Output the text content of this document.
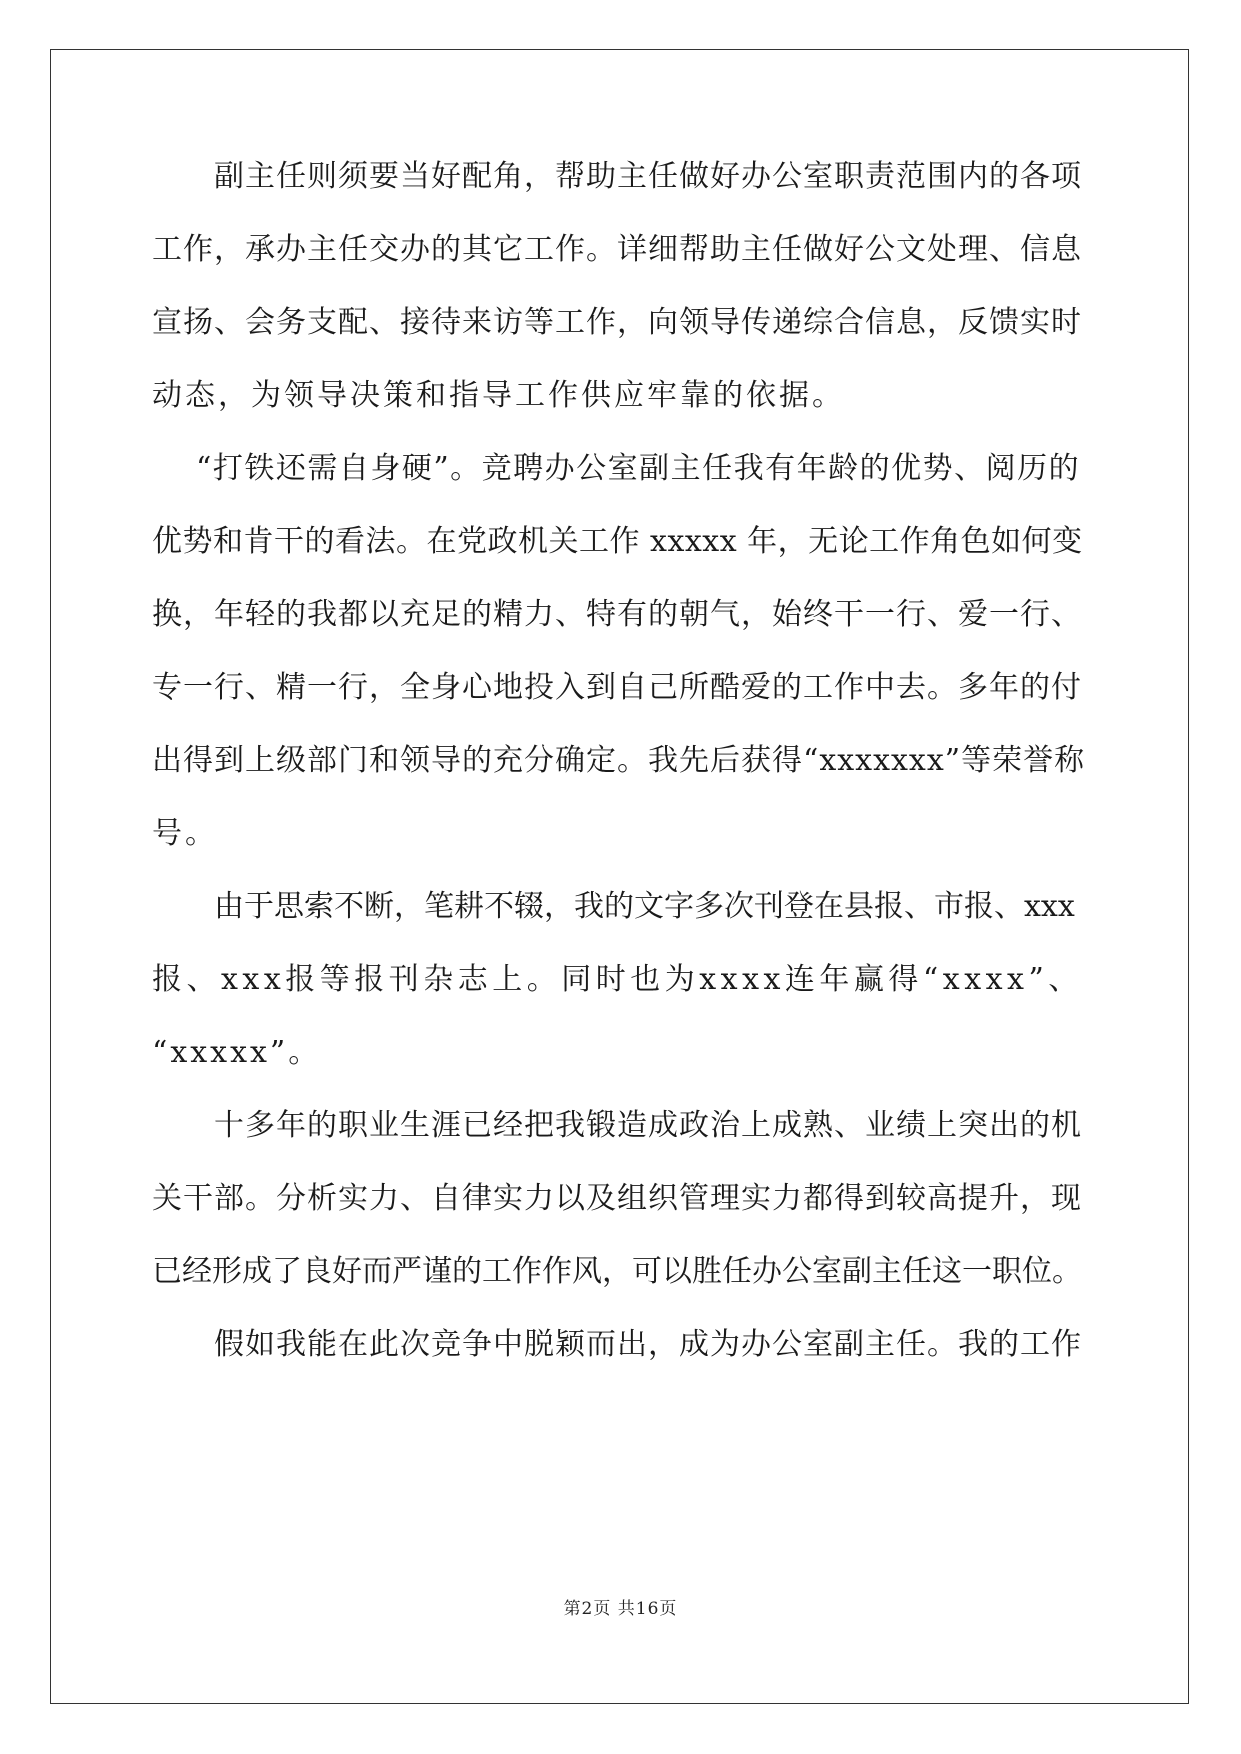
副主任则须要当好配角，帮助主任做好办公室职责范围内的各项
工作，承办主任交办的其它工作。详细帮助主任做好公文处理、信息
宣扬、会务支配、接待来访等工作，向领导传递综合信息，反馈实时
动态，为领导决策和指导工作供应牢靠的依据。
“打铁还需自身硬”。竞聘办公室副主任我有年龄的优势、阅历的
优势和肯干的看法。在党政机关工作 xxxxx 年，无论工作角色如何变
换，年轻的我都以充足的精力、特有的朝气，始终干一行、爱一行、
专一行、精一行，全身心地投入到自己所酷爱的工作中去。多年的付
出得到上级部门和领导的充分确定。我先后获得“xxxxxxx”等荣誉称
号。
由于思索不断，笔耕不辍，我的文字多次刊登在县报、市报、xxx
报、xxx报等报刊杂志上。同时也为xxxx连年赢得“xxxx”、
“xxxxx”。
十多年的职业生涯已经把我锻造成政治上成熟、业绩上突出的机
关干部。分析实力、自律实力以及组织管理实力都得到较高提升，现
已经形成了良好而严谨的工作作风，可以胜任办公室副主任这一职位。
假如我能在此次竞争中脱颖而出，成为办公室副主任。我的工作
第2页 共16页
